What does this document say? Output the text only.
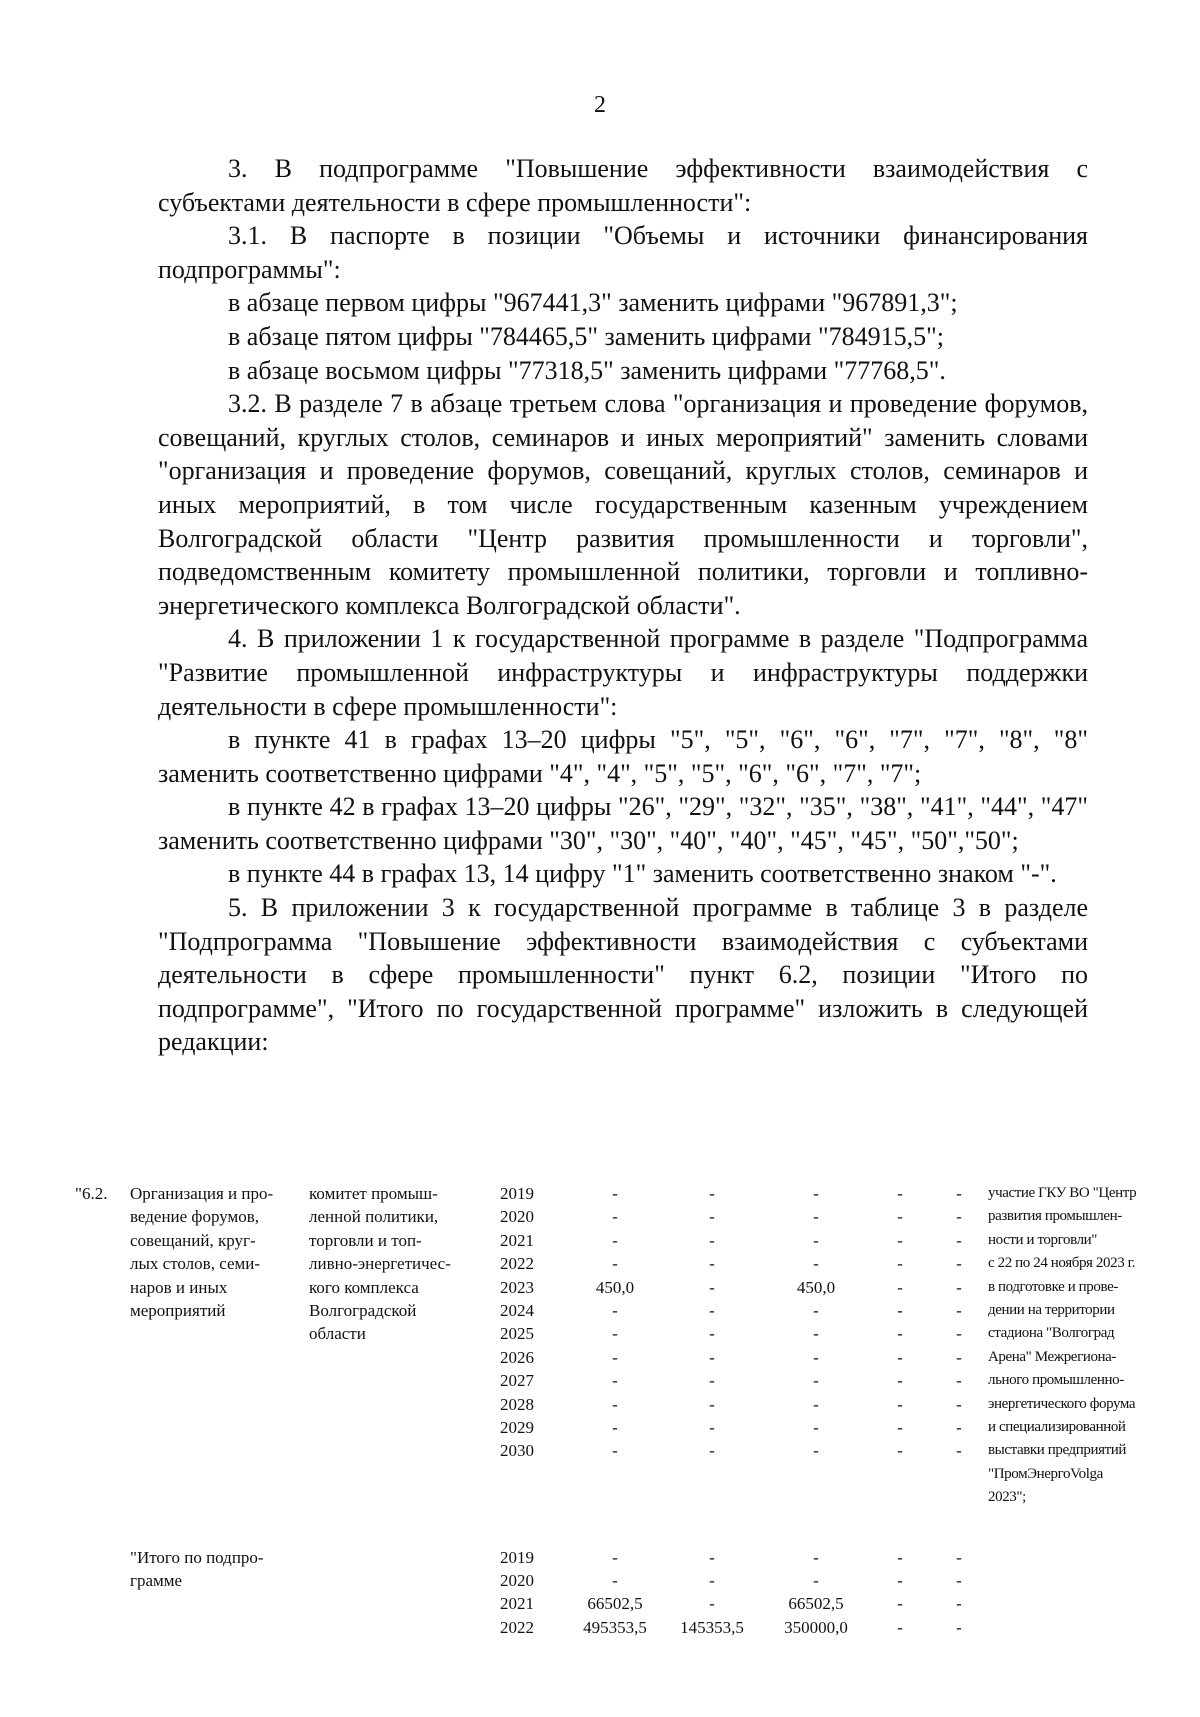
2

3. В подпрограмме "Повышение эффективности взаимодействия с субъектами деятельности в сфере промышленности":

3.1. В паспорте в позиции "Объемы и источники финансирования подпрограммы":

в абзаце первом цифры "967441,3" заменить цифрами "967891,3";

в абзаце пятом цифры "784465,5" заменить цифрами "784915,5";

в абзаце восьмом цифры "77318,5" заменить цифрами "77768,5".

3.2. В разделе 7 в абзаце третьем слова "организация и проведение форумов, совещаний, круглых столов, семинаров и иных мероприятий" заменить словами "организация и проведение форумов, совещаний, круглых столов, семинаров и иных мероприятий, в том числе государственным казенным учреждением Волгоградской области "Центр развития промышленности и торговли", подведомственным комитету промышленной политики, торговли и топливно-энергетического комплекса Волгоградской области".

4. В приложении 1 к государственной программе в разделе "Подпрограмма "Развитие промышленной инфраструктуры и инфраструктуры поддержки деятельности в сфере промышленности":

в пункте 41 в графах 13–20 цифры "5", "5", "6", "6", "7", "7", "8", "8" заменить соответственно цифрами "4", "4", "5", "5", "6", "6", "7", "7";

в пункте 42 в графах 13–20 цифры "26", "29", "32", "35", "38", "41", "44", "47" заменить соответственно цифрами "30", "30", "40", "40", "45", "45", "50","50";

в пункте 44 в графах 13, 14 цифру "1" заменить соответственно знаком "-".

5. В приложении 3 к государственной программе в таблице 3 в разделе "Подпрограмма "Повышение эффективности взаимодействия с субъектами деятельности в сфере промышленности" пункт 6.2, позиции "Итого по подпрограмме", "Итого по государственной программе" изложить в следующей редакции:

"6.2.	Организация и про-
ведение форумов,
совещаний, круг-
лых столов, семи-
наров и иных
мероприятий
комитет промыш-
ленной политики,
торговли и топ-
ливно-энергетичес-
кого комплекса
Волгоградской
области
2019
2020
2021
2022
2023
2024
2025
2026
2027
2028
2029
2030
-
-
-
-
450,0
-
-
-
-
-
-
-
-
-
-
-
-
-
-
-
-
-
-
-
-
-
-
-
450,0
-
-
-
-
-
-
-
-
-
-
-
-
-
-
-
-
-
-
-
-
-
-
-
-
-
-
-
-
-
-
-
участие ГКУ ВО "Центр
развития промышлен-
ности и торговли"
с 22 по 24 ноября 2023 г.
в подготовке и прове-
дении на территории
стадиона "Волгоград
Арена" Межрегиона-
льного промышленно-
энергетического форума
и специализированной
выставки предприятий
"ПромЭнергоVolga
2023";
"Итого по подпро-
грамме
2019
2020
2021
2022
-
-
66502,5
495353,5
-
-
-
145353,5
-
-
66502,5
350000,0
-
-
-
-
-
-
-
-
